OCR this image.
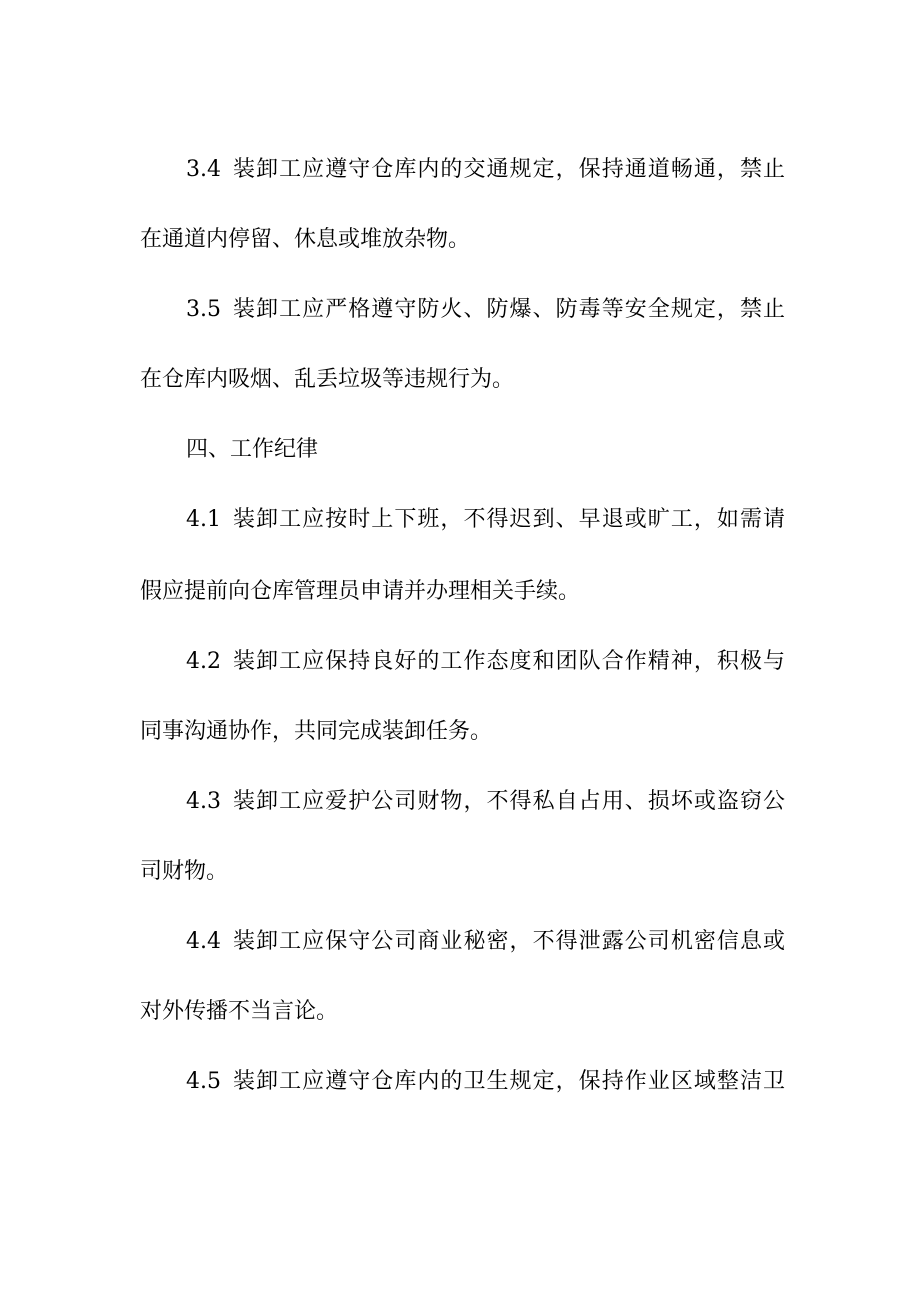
3.4 装卸工应遵守仓库内的交通规定，保持通道畅通，禁止
在通道内停留、休息或堆放杂物。
3.5 装卸工应严格遵守防火、防爆、防毒等安全规定，禁止
在仓库内吸烟、乱丢垃圾等违规行为。
四、工作纪律
4.1 装卸工应按时上下班，不得迟到、早退或旷工，如需请
假应提前向仓库管理员申请并办理相关手续。
4.2 装卸工应保持良好的工作态度和团队合作精神，积极与
同事沟通协作，共同完成装卸任务。
4.3 装卸工应爱护公司财物，不得私自占用、损坏或盗窃公
司财物。
4.4 装卸工应保守公司商业秘密，不得泄露公司机密信息或
对外传播不当言论。
4.5 装卸工应遵守仓库内的卫生规定，保持作业区域整洁卫
